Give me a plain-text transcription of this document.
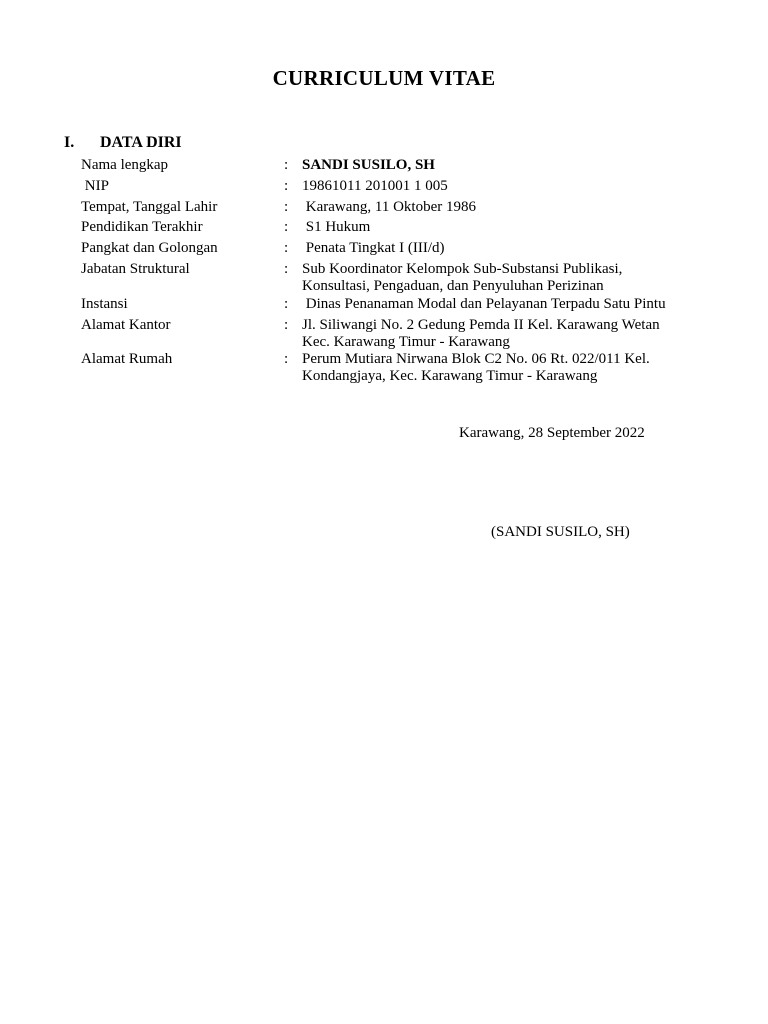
CURRICULUM VITAE
I. DATA DIRI
Nama lengkap	: SANDI SUSILO, SH
NIP	: 19861011 201001 1 005
Tempat, Tanggal Lahir	: Karawang, 11 Oktober 1986
Pendidikan Terakhir	: S1 Hukum
Pangkat dan Golongan	: Penata Tingkat I (III/d)
Jabatan Struktural	: Sub Koordinator Kelompok Sub-Substansi Publikasi,
Konsultasi, Pengaduan, dan Penyuluhan Perizinan
Instansi	: Dinas Penanaman Modal dan Pelayanan Terpadu Satu Pintu
Alamat Kantor	: Jl. Siliwangi No. 2 Gedung Pemda II Kel. Karawang Wetan
Kec. Karawang Timur - Karawang
Alamat Rumah	: Perum Mutiara Nirwana Blok C2 No. 06 Rt. 022/011 Kel.
Kondangjaya, Kec. Karawang Timur - Karawang
Karawang, 28 September 2022
(SANDI SUSILO, SH)
